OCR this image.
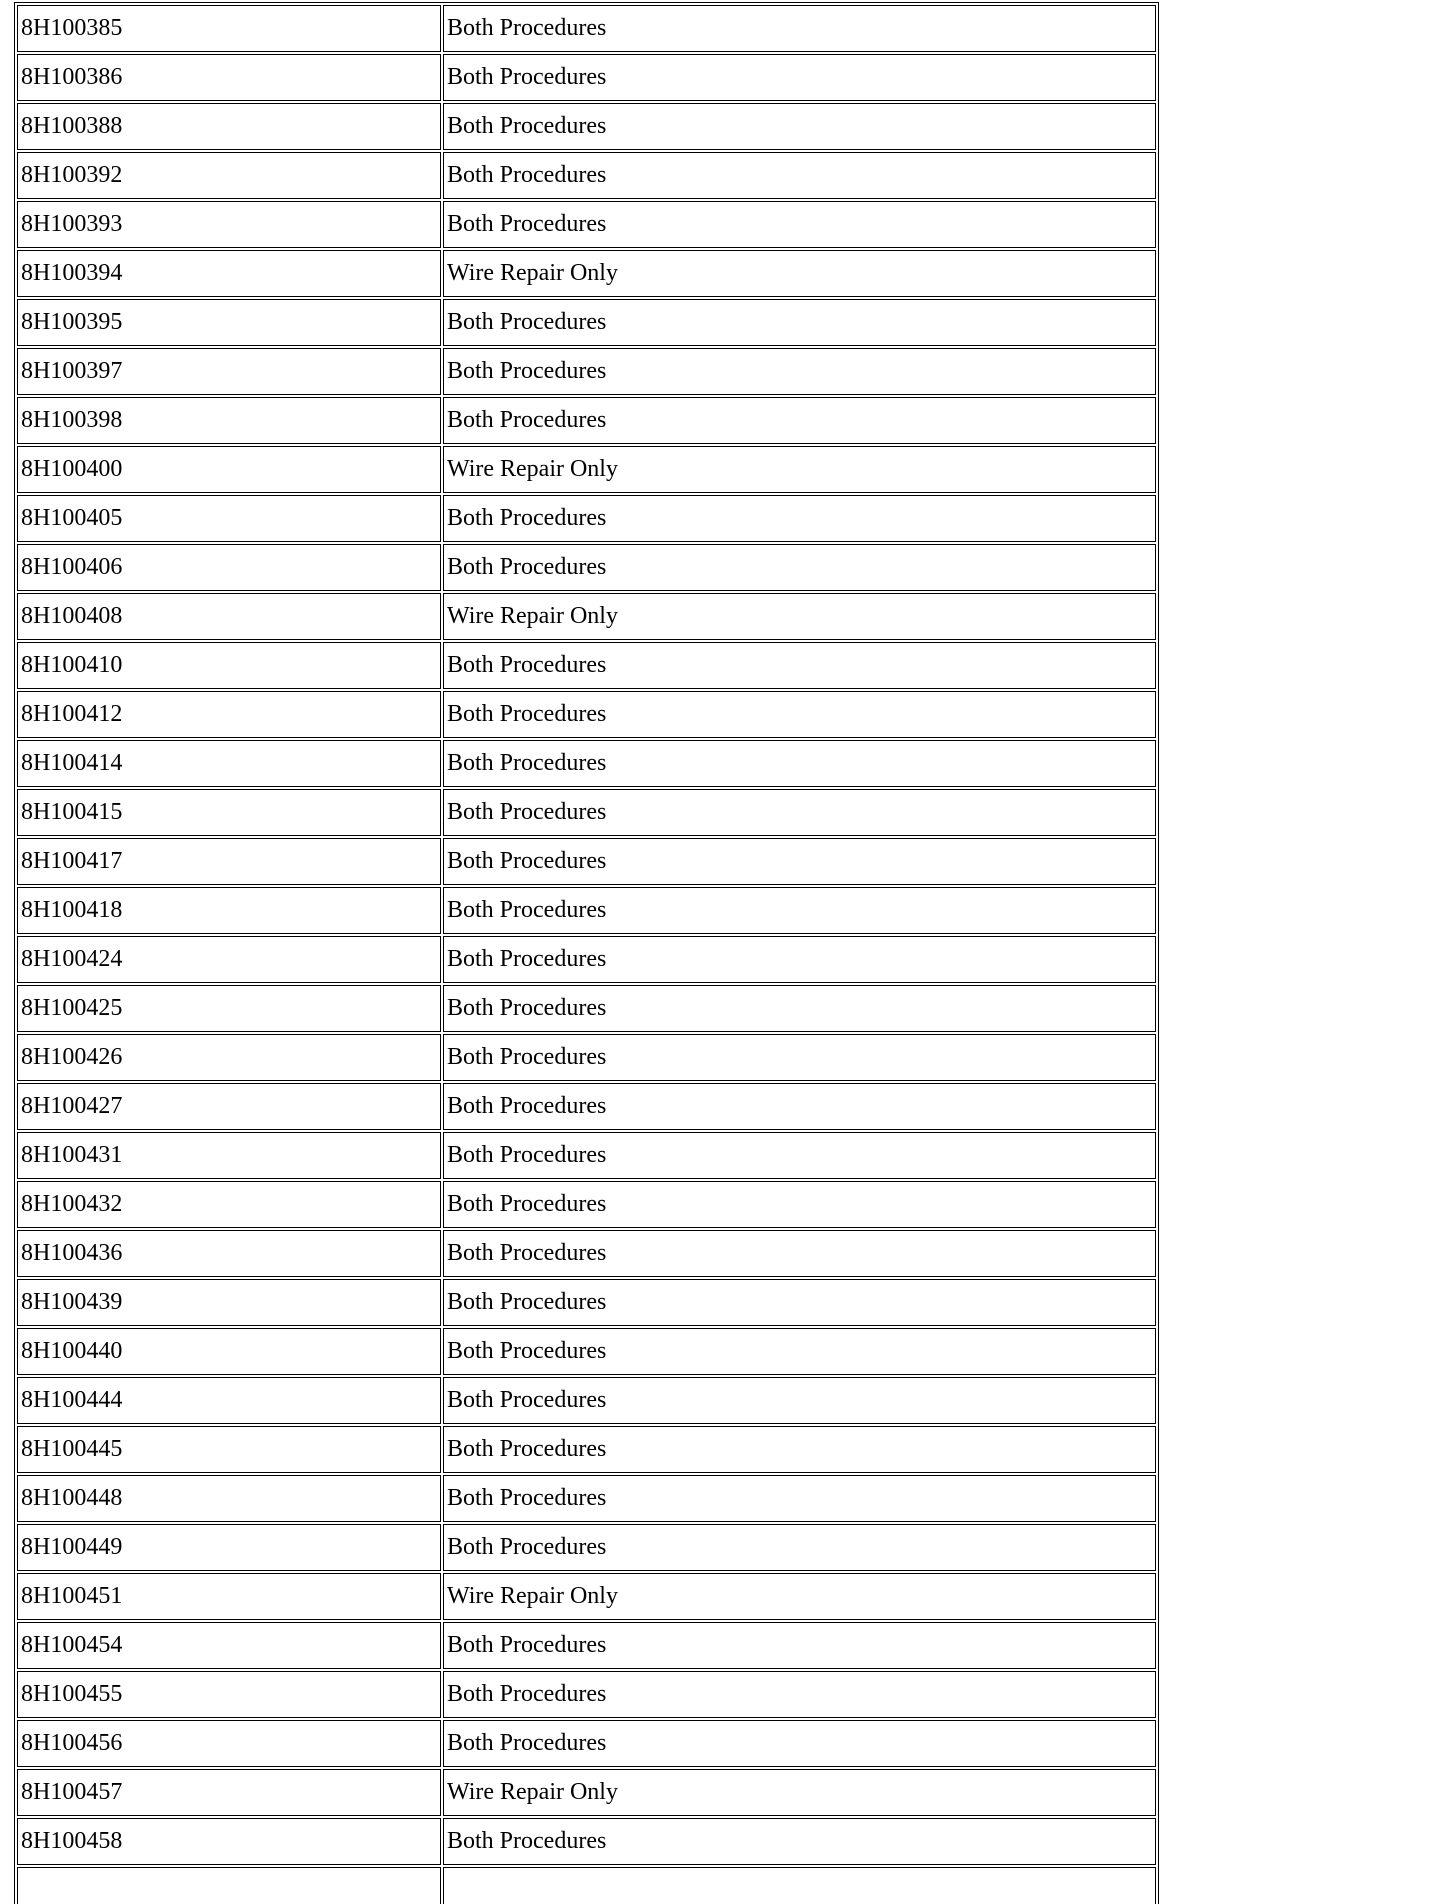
8H100385	Both Procedures
8H100386	Both Procedures
8H100388	Both Procedures
8H100392	Both Procedures
8H100393	Both Procedures
8H100394	Wire Repair Only
8H100395	Both Procedures
8H100397	Both Procedures
8H100398	Both Procedures
8H100400	Wire Repair Only
8H100405	Both Procedures
8H100406	Both Procedures
8H100408	Wire Repair Only
8H100410	Both Procedures
8H100412	Both Procedures
8H100414	Both Procedures
8H100415	Both Procedures
8H100417	Both Procedures
8H100418	Both Procedures
8H100424	Both Procedures
8H100425	Both Procedures
8H100426	Both Procedures
8H100427	Both Procedures
8H100431	Both Procedures
8H100432	Both Procedures
8H100436	Both Procedures
8H100439	Both Procedures
8H100440	Both Procedures
8H100444	Both Procedures
8H100445	Both Procedures
8H100448	Both Procedures
8H100449	Both Procedures
8H100451	Wire Repair Only
8H100454	Both Procedures
8H100455	Both Procedures
8H100456	Both Procedures
8H100457	Wire Repair Only
8H100458	Both Procedures
